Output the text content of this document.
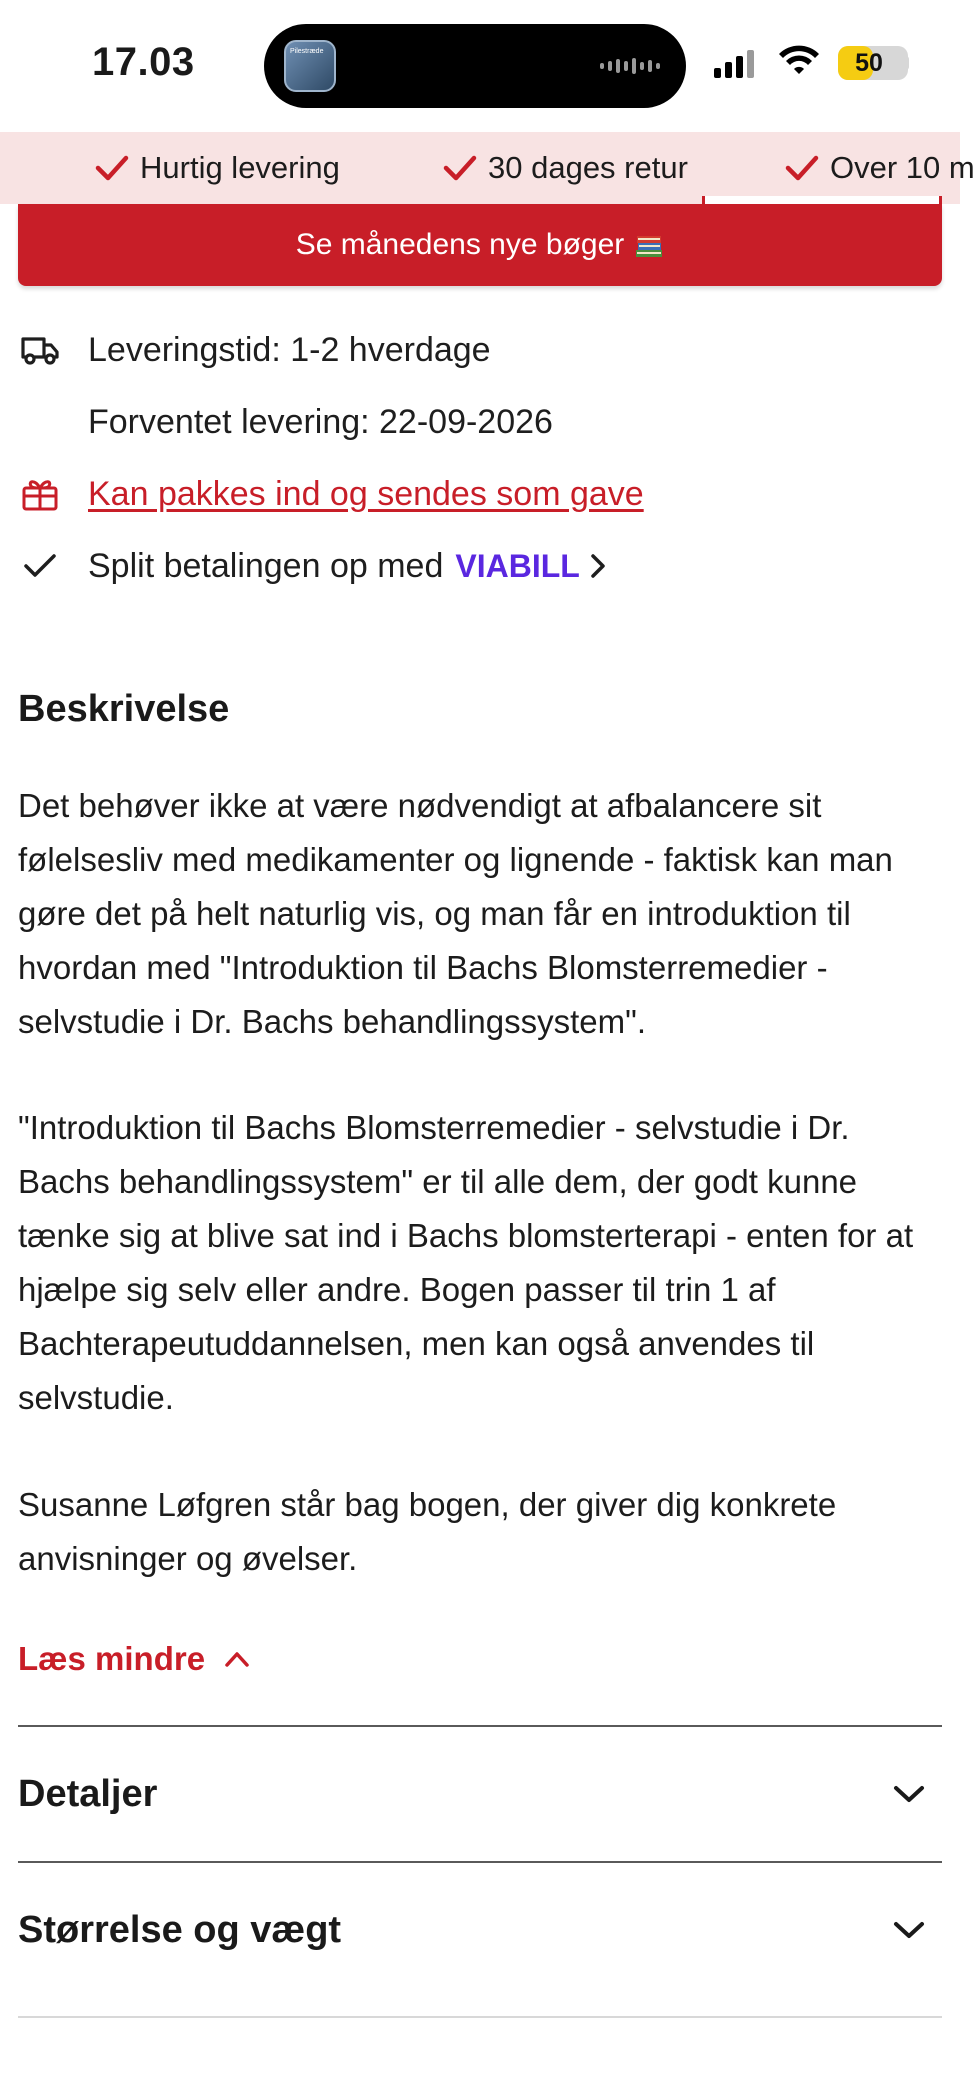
17.03	Pilestræde	50
Hurtig levering	30 dages retur	Over 10 m
Se månedens nye bøger
Leveringstid: 1-2 hverdage
Forventet levering: 22-09-2026
Kan pakkes ind og sendes som gave
Split betalingen op med VIABILL
Beskrivelse

Det behøver ikke at være nødvendigt at afbalancere sit følelsesliv med medikamenter og lignende - faktisk kan man gøre det på helt naturlig vis, og man får en introduktion til hvordan med "Introduktion til Bachs Blomsterremedier - selvstudie i Dr. Bachs behandlingssystem".

"Introduktion til Bachs Blomsterremedier - selvstudie i Dr. Bachs behandlingssystem" er til alle dem, der godt kunne tænke sig at blive sat ind i Bachs blomsterterapi - enten for at hjælpe sig selv eller andre. Bogen passer til trin 1 af Bachterapeutuddannelsen, men kan også anvendes til selvstudie.

Susanne Løfgren står bag bogen, der giver dig konkrete anvisninger og øvelser.

Læs mindre
Detaljer
Størrelse og vægt
